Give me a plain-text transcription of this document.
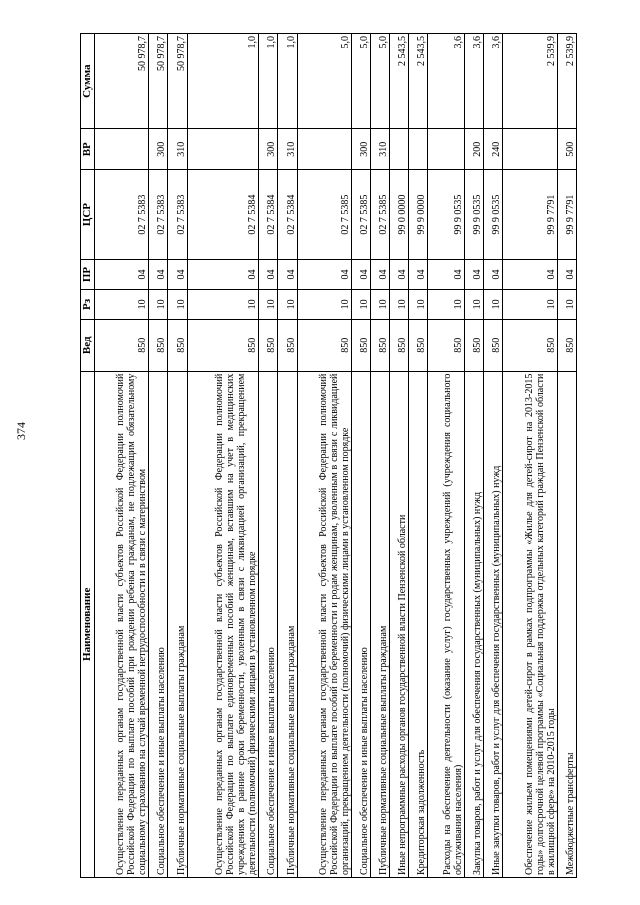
374
Наименование	Вед	Рз	ПР	ЦСР	ВР	Сумма
Осуществление переданных органам государственной власти субъектов Российской Федерации полномочий Российской Федерации по выплате пособий при рождении ребенка гражданам, не подлежащим обязательному социальному страхованию на случай временной нетрудоспособности и в связи с материнством	850	10	04	02 7 5383		50 978,7
Социальное обеспечение и иные выплаты населению	850	10	04	02 7 5383	300	50 978,7
Публичные нормативные социальные выплаты гражданам	850	10	04	02 7 5383	310	50 978,7
Осуществление переданных органам государственной власти субъектов Российской Федерации полномочий Российской Федерации по выплате единовременных пособий женщинам, вставшим на учет в медицинских учреждениях в ранние сроки беременности, уволенным в связи с ликвидацией организаций, прекращением деятельности (полномочий) физическими лицами в установленном порядке	850	10	04	02 7 5384		1,0
Социальное обеспечение и иные выплаты населению	850	10	04	02 7 5384	300	1,0
Публичные нормативные социальные выплаты гражданам	850	10	04	02 7 5384	310	1,0
Осуществление переданных органам государственной власти субъектов Российской Федерации полномочий Российской Федерации по выплате пособий по беременности и родам женщинам, уволенным в связи с ликвидацией организаций, прекращением деятельности (полномочий) физическими лицами в установленном порядке	850	10	04	02 7 5385		5,0
Социальное обеспечение и иные выплаты населению	850	10	04	02 7 5385	300	5,0
Публичные нормативные социальные выплаты гражданам	850	10	04	02 7 5385	310	5,0
Иные непрограммные расходы органов государственной власти Пензенской области	850	10	04	99 0 0000		2 543,5
Кредиторская задолженность	850	10	04	99 9 0000		2 543,5
Расходы на обеспечение деятельности (оказание услуг) государственных учреждений (учреждения социального обслуживания населения)	850	10	04	99 9 0535		3,6
Закупка товаров, работ и услуг для обеспечения государственных (муниципальных) нужд	850	10	04	99 9 0535	200	3,6
Иные закупки товаров, работ и услуг для обеспечения государственных (муниципальных) нужд	850	10	04	99 9 0535	240	3,6
Обеспечение жильем помещениями детей-сирот в рамках подпрограммы «Жилье для детей-сирот на 2013-2015 годы» долгосрочной целевой программы «Социальная поддержка отдельных категорий граждан Пензенской области в жилищной сфере» на 2010-2015 годы	850	10	04	99 9 7791		2 539,9
Межбюджетные трансферты	850	10	04	99 9 7791	500	2 539,9
